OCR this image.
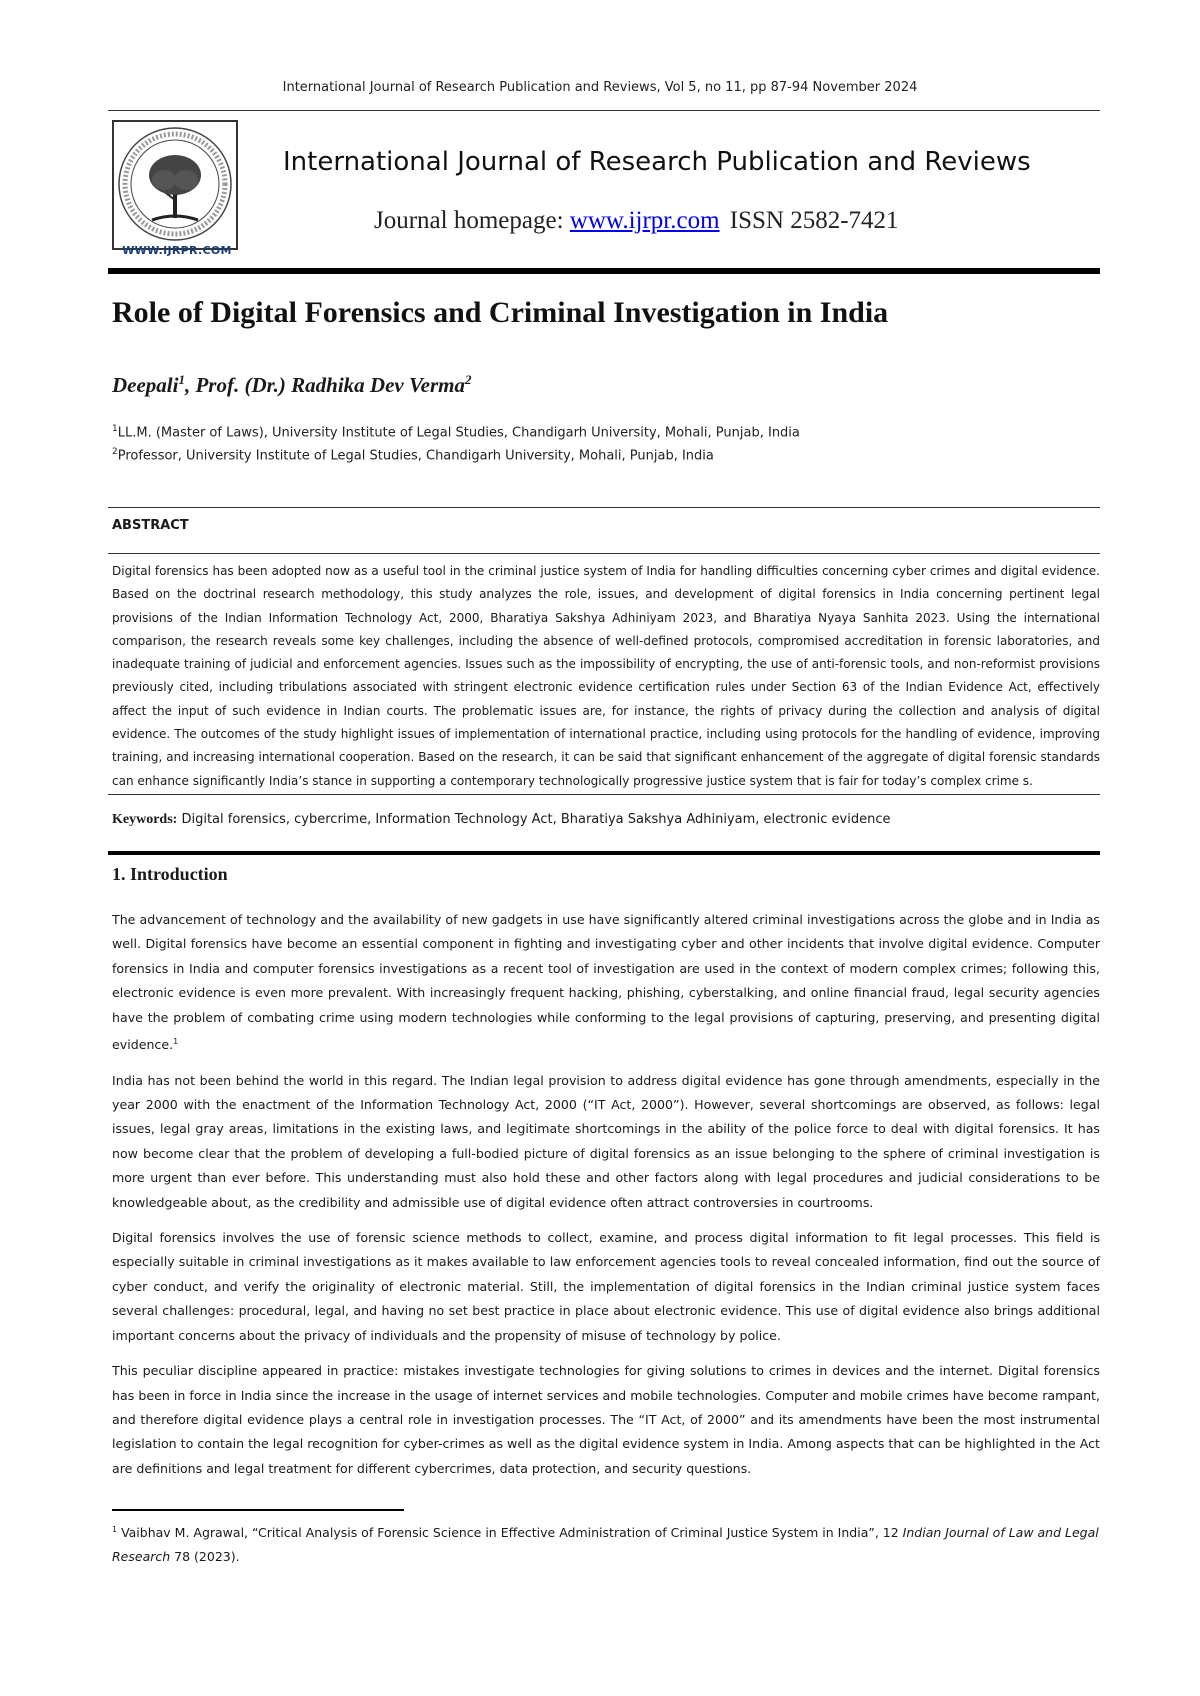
International Journal of Research Publication and Reviews, Vol 5, no 11, pp 87-94 November 2024
WWW.IJRPR.COM
International Journal of Research Publication and Reviews
Journal homepage: www.ijrpr.com ISSN 2582-7421
Role of Digital Forensics and Criminal Investigation in India
Deepali$^1$, Prof. (Dr.) Radhika Dev Verma$^2$
$^1$LL.M. (Master of Laws), University Institute of Legal Studies, Chandigarh University, Mohali, Punjab, India
$^2$Professor, University Institute of Legal Studies, Chandigarh University, Mohali, Punjab, India
ABSTRACT
Digital forensics has been adopted now as a useful tool in the criminal justice system of India for handling difficulties concerning cyber crimes and digital evidence. Based on the doctrinal research methodology, this study analyzes the role, issues, and development of digital forensics in India concerning pertinent legal provisions of the Indian Information Technology Act, 2000, Bharatiya Sakshya Adhiniyam 2023, and Bharatiya Nyaya Sanhita 2023. Using the international comparison, the research reveals some key challenges, including the absence of well-defined protocols, compromised accreditation in forensic laboratories, and inadequate training of judicial and enforcement agencies. Issues such as the impossibility of encrypting, the use of anti-forensic tools, and non-reformist provisions previously cited, including tribulations associated with stringent electronic evidence certification rules under Section 63 of the Indian Evidence Act, effectively affect the input of such evidence in Indian courts. The problematic issues are, for instance, the rights of privacy during the collection and analysis of digital evidence. The outcomes of the study highlight issues of implementation of international practice, including using protocols for the handling of evidence, improving training, and increasing international cooperation. Based on the research, it can be said that significant enhancement of the aggregate of digital forensic standards can enhance significantly India’s stance in supporting a contemporary technologically progressive justice system that is fair for today’s complex crime s.
Keywords: Digital forensics, cybercrime, Information Technology Act, Bharatiya Sakshya Adhiniyam, electronic evidence
1. Introduction

The advancement of technology and the availability of new gadgets in use have significantly altered criminal investigations across the globe and in India as well. Digital forensics have become an essential component in fighting and investigating cyber and other incidents that involve digital evidence. Computer forensics in India and computer forensics investigations as a recent tool of investigation are used in the context of modern complex crimes; following this, electronic evidence is even more prevalent. With increasingly frequent hacking, phishing, cyberstalking, and online financial fraud, legal security agencies have the problem of combating crime using modern technologies while conforming to the legal provisions of capturing, preserving, and presenting digital evidence.$^1$

India has not been behind the world in this regard. The Indian legal provision to address digital evidence has gone through amendments, especially in the year 2000 with the enactment of the Information Technology Act, 2000 (“IT Act, 2000”). However, several shortcomings are observed, as follows: legal issues, legal gray areas, limitations in the existing laws, and legitimate shortcomings in the ability of the police force to deal with digital forensics. It has now become clear that the problem of developing a full-bodied picture of digital forensics as an issue belonging to the sphere of criminal investigation is more urgent than ever before. This understanding must also hold these and other factors along with legal procedures and judicial considerations to be knowledgeable about, as the credibility and admissible use of digital evidence often attract controversies in courtrooms.

Digital forensics involves the use of forensic science methods to collect, examine, and process digital information to fit legal processes. This field is especially suitable in criminal investigations as it makes available to law enforcement agencies tools to reveal concealed information, find out the source of cyber conduct, and verify the originality of electronic material. Still, the implementation of digital forensics in the Indian criminal justice system faces several challenges: procedural, legal, and having no set best practice in place about electronic evidence. This use of digital evidence also brings additional important concerns about the privacy of individuals and the propensity of misuse of technology by police.

This peculiar discipline appeared in practice: mistakes investigate technologies for giving solutions to crimes in devices and the internet. Digital forensics has been in force in India since the increase in the usage of internet services and mobile technologies. Computer and mobile crimes have become rampant, and therefore digital evidence plays a central role in investigation processes. The “IT Act, of 2000” and its amendments have been the most instrumental legislation to contain the legal recognition for cyber-crimes as well as the digital evidence system in India. Among aspects that can be highlighted in the Act are definitions and legal treatment for different cybercrimes, data protection, and security questions.

$^1$ Vaibhav M. Agrawal, “Critical Analysis of Forensic Science in Effective Administration of Criminal Justice System in India”, 12 Indian Journal of Law and Legal Research 78 (2023).
